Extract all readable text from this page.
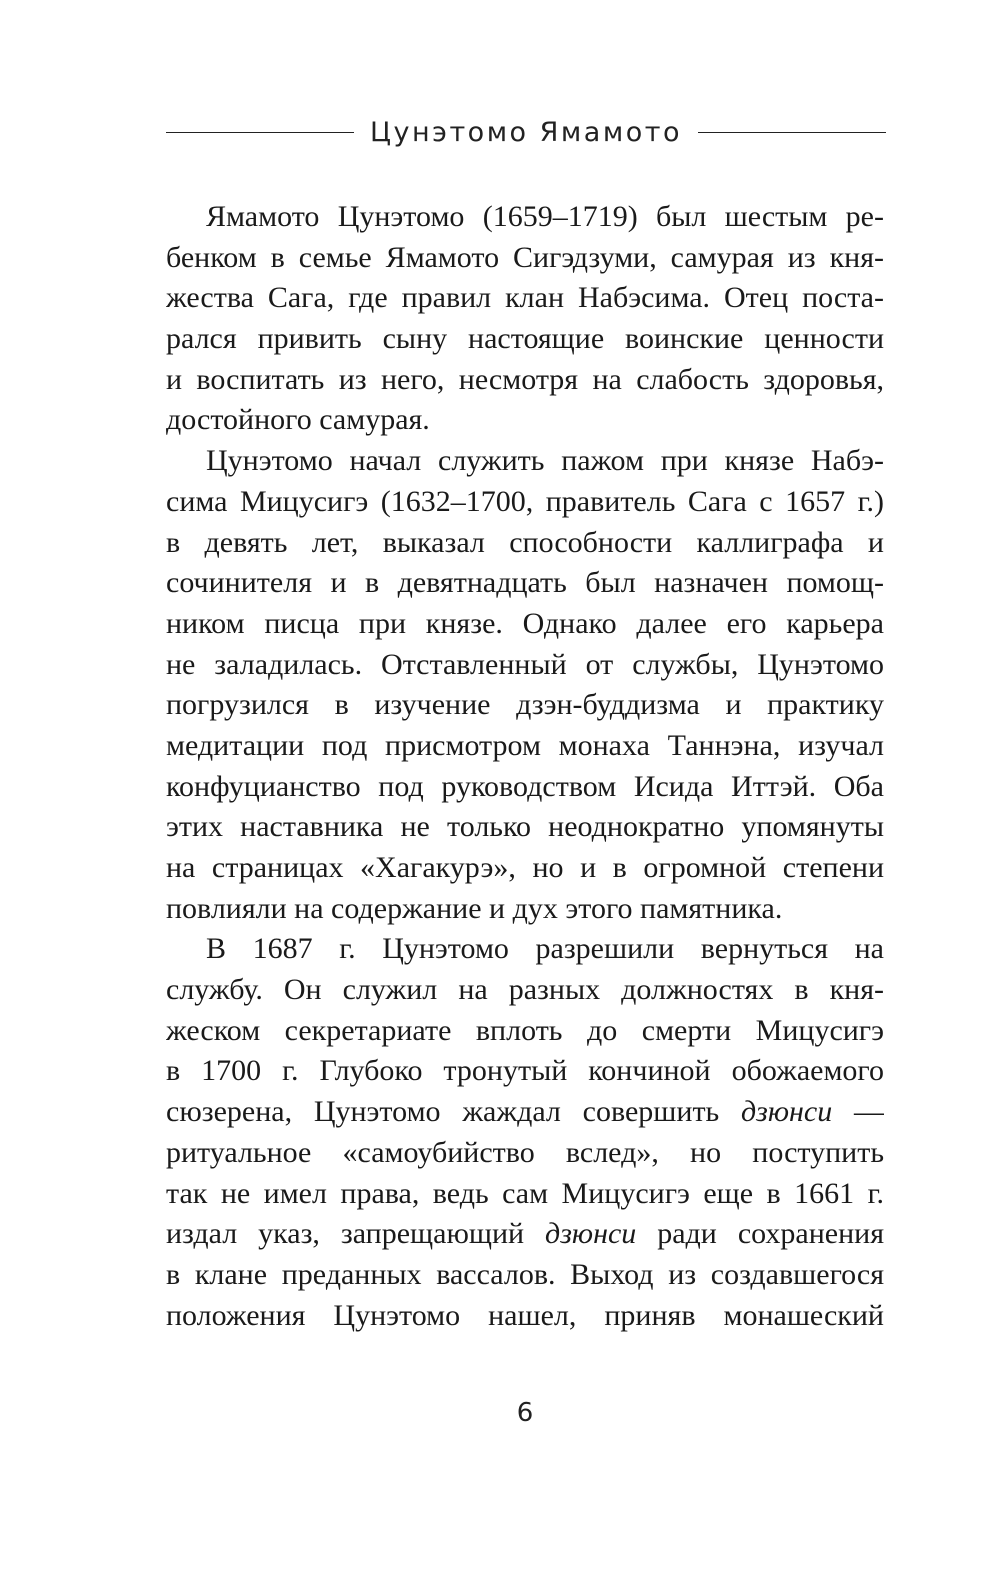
Цунэтомо Ямамото
Ямамото Цунэтомо (1659–1719) был шестым ре-
бенком в семье Ямамото Сигэдзуми, самурая из кня-
жества Сага, где правил клан Набэсима. Отец поста-
рался привить сыну настоящие воинские ценности
и воспитать из него, несмотря на слабость здоровья,
достойного самурая.
Цунэтомо начал служить пажом при князе Набэ-
сима Мицусигэ (1632–1700, правитель Сага с 1657 г.)
в девять лет, выказал способности каллиграфа и
сочинителя и в девятнадцать был назначен помощ-
ником писца при князе. Однако далее его карьера
не заладилась. Отставленный от службы, Цунэтомо
погрузился в изучение дзэн-буддизма и практику
медитации под присмотром монаха Таннэна, изучал
конфуцианство под руководством Исида Иттэй. Оба
этих наставника не только неоднократно упомянуты
на страницах «Хагакурэ», но и в огромной степени
повлияли на содержание и дух этого памятника.
В 1687 г. Цунэтомо разрешили вернуться на
службу. Он служил на разных должностях в кня-
жеском секретариате вплоть до смерти Мицусигэ
в 1700 г. Глубоко тронутый кончиной обожаемого
сюзерена, Цунэтомо жаждал совершить дзюнси —
ритуальное «самоубийство вслед», но поступить
так не имел права, ведь сам Мицусигэ еще в 1661 г.
издал указ, запрещающий дзюнси ради сохранения
в клане преданных вассалов. Выход из создавшегося
положения Цунэтомо нашел, приняв монашеский
6
